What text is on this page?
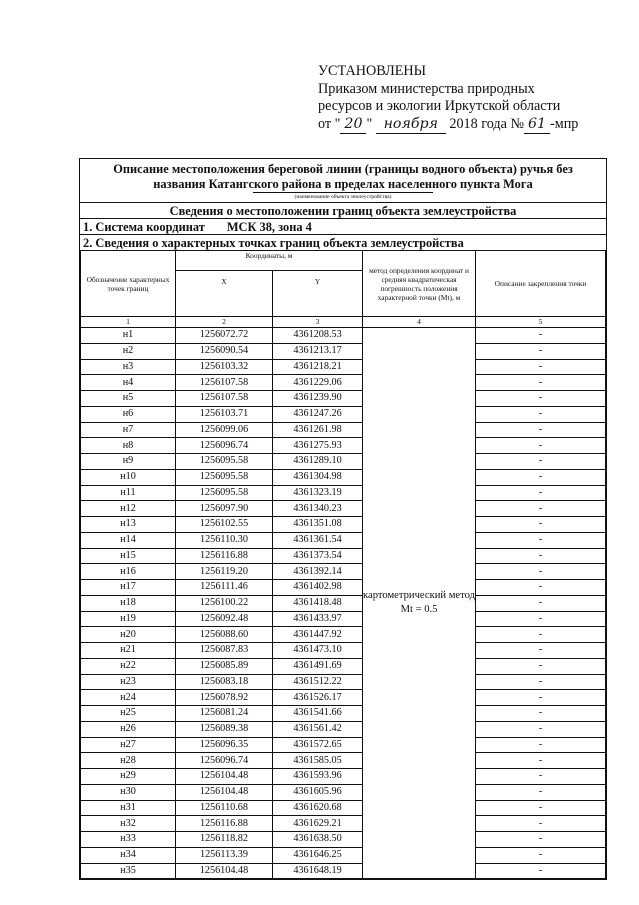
УСТАНОВЛЕНЫ
Приказом министерства природных
ресурсов и экологии Иркутской области
от " 20 " ноября 2018 года № 61 -мпр
Описание местоположения береговой линии (границы водного объекта) ручья без названия Катангского района в пределах населенного пункта Мога
(наименование объекта землеустройства)
Сведения о местоположении границ объекта землеустройства
1. Система координат МСК 38, зона 4
2. Сведения о характерных точках границ объекта землеустройства
Обозначение характерных точек границ	Координаты, м		метод определения координат и средняя квадратическая погрешность положения характерной точки (Мt), м	Описание закрепления точки
	X	Y		
1	2	3	4	5
н1	1256072.72	4361208.53	картометрический метод Мt = 0.5	-
н2	1256090.54	4361213.17		-
н3	1256103.32	4361218.21		-
н4	1256107.58	4361229.06		-
н5	1256107.58	4361239.90		-
н6	1256103.71	4361247.26		-
н7	1256099.06	4361261.98		-
н8	1256096.74	4361275.93		-
н9	1256095.58	4361289.10		-
н10	1256095.58	4361304.98		-
н11	1256095.58	4361323.19		-
н12	1256097.90	4361340.23		-
н13	1256102.55	4361351.08		-
н14	1256110.30	4361361.54		-
н15	1256116.88	4361373.54		-
н16	1256119.20	4361392.14		-
н17	1256111.46	4361402.98		-
н18	1256100.22	4361418.48		-
н19	1256092.48	4361433.97		-
н20	1256088.60	4361447.92		-
н21	1256087.83	4361473.10		-
н22	1256085.89	4361491.69		-
н23	1256083.18	4361512.22		-
н24	1256078.92	4361526.17		-
н25	1256081.24	4361541.66		-
н26	1256089.38	4361561.42		-
н27	1256096.35	4361572.65		-
н28	1256096.74	4361585.05		-
н29	1256104.48	4361593.96		-
н30	1256104.48	4361605.96		-
н31	1256110.68	4361620.68		-
н32	1256116.88	4361629.21		-
н33	1256118.82	4361638.50		-
н34	1256113.39	4361646.25		-
н35	1256104.48	4361648.19		-
